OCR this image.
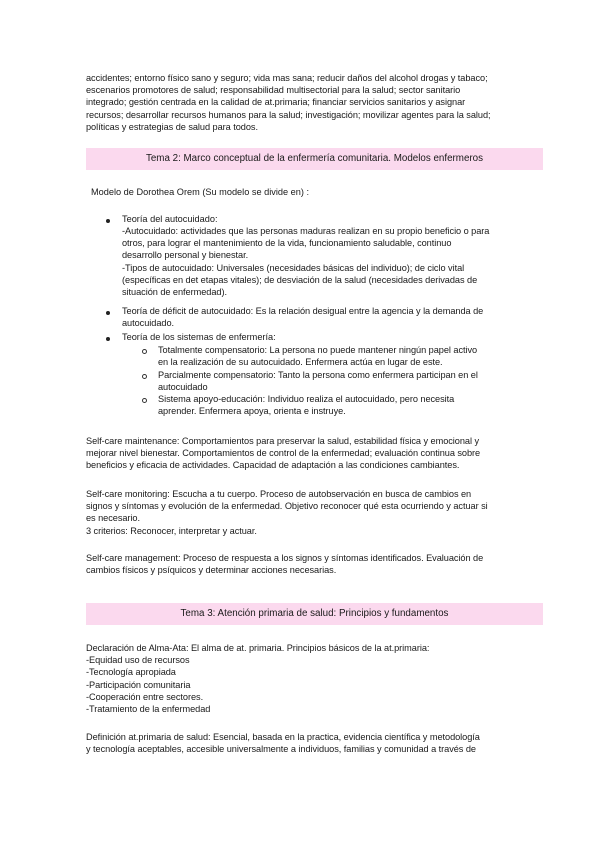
accidentes; entorno físico sano y seguro; vida mas sana; reducir daños del alcohol drogas y tabaco;
escenarios promotores de salud; responsabilidad multisectorial para la salud; sector sanitario
integrado; gestión centrada en la calidad de at.primaria; financiar servicios sanitarios y asignar
recursos; desarrollar recursos humanos para la salud; investigación; movilizar agentes para la salud;
políticas y estrategias de salud para todos.

Tema 2: Marco conceptual de la enfermería comunitaria. Modelos enfermeros
Modelo de Dorothea Orem (Su modelo se divide en) :
Teoría del autocuidado:

-Autocuidado: actividades que las personas maduras realizan en su propio beneficio o para
otros, para lograr el mantenimiento de la vida, funcionamiento saludable, continuo
desarrollo personal y bienestar.
-Tipos de autocuidado: Universales (necesidades básicas del individuo); de ciclo vital
(específicas en det etapas vitales); de desviación de la salud (necesidades derivadas de
situación de enfermedad).

Teoría de déficit de autocuidado: Es la relación desigual entre la agencia y la demanda de
autocuidado.

Teoría de los sistemas de enfermería:

Totalmente compensatorio: La persona no puede mantener ningún papel activo
en la realización de su autocuidado. Enfermera actúa en lugar de este.

Parcialmente compensatorio: Tanto la persona como enfermera participan en el
autocuidado

Sistema apoyo-educación: Individuo realiza el autocuidado, pero necesita
aprender. Enfermera apoya, orienta e instruye.

Self-care maintenance: Comportamientos para preservar la salud, estabilidad física y emocional y
mejorar nivel bienestar. Comportamientos de control de la enfermedad; evaluación continua sobre
beneficios y eficacia de actividades. Capacidad de adaptación a las condiciones cambiantes.

Self-care monitoring: Escucha a tu cuerpo. Proceso de autobservación en busca de cambios en
signos y síntomas y evolución de la enfermedad. Objetivo reconocer qué esta ocurriendo y actuar si
es necesario.
3 criterios: Reconocer, interpretar y actuar.

Self-care management: Proceso de respuesta a los signos y síntomas identificados. Evaluación de
cambios físicos y psíquicos y determinar acciones necesarias.

Tema 3: Atención primaria de salud: Principios y fundamentos

Declaración de Alma-Ata: El alma de at. primaria. Principios básicos de la at.primaria:
-Equidad uso de recursos
-Tecnología apropiada
-Participación comunitaria
-Cooperación entre sectores.
-Tratamiento de la enfermedad

Definición at.primaria de salud: Esencial, basada en la practica, evidencia científica y metodología
y tecnología aceptables, accesible universalmente a individuos, familias y comunidad a través de
